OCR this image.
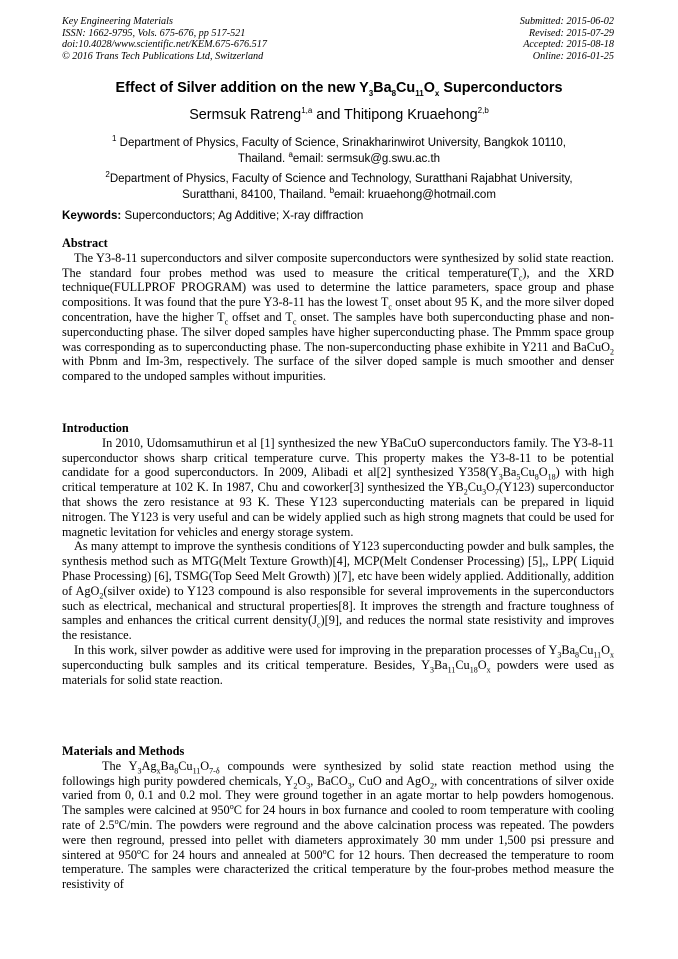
Key Engineering Materials
ISSN: 1662-9795, Vols. 675-676, pp 517-521
doi:10.4028/www.scientific.net/KEM.675-676.517
© 2016 Trans Tech Publications Ltd, Switzerland
Submitted: 2015-06-02
Revised: 2015-07-29
Accepted: 2015-08-18
Online: 2016-01-25
Effect of Silver addition on the new $Y_3Ba_8Cu_{11}O_x$ Superconductors
Sermsuk Ratreng$^{1,a}$ and Thitipong Kruaehong$^{2,b}$
$^1$ Department of Physics, Faculty of Science, Srinakharinwirot University, Bangkok 10110,
Thailand. $^a$email: sermsuk@g.swu.ac.th
$^2$Department of Physics, Faculty of Science and Technology, Suratthani Rajabhat University,
Suratthani, 84100, Thailand. $^b$email: kruaehong@hotmail.com
Keywords: Superconductors; Ag Additive; X-ray diffraction
Abstract

The Y3-8-11 superconductors and silver composite superconductors were synthesized by solid state reaction. The standard four probes method was used to measure the critical $temperature(T_c)$, and the XRD technique(FULLPROF PROGRAM) was used to determine the lattice parameters, space group and phase compositions. It was found that the pure Y3-8-11 has the lowest $T_c$ onset about 95 K, and the more silver doped concentration, have the higher $T_c$ offset and $T_c$ onset. The samples have both superconducting phase and non-superconducting phase. The silver doped samples have higher superconducting phase. The Pmmm space group was corresponding as to superconducting phase. The non-superconducting phase exhibite in Y211 and BaCuO$_2$ with Pbnm and Im-3m, respectively. The surface of the silver doped sample is much smoother and denser compared to the undoped samples without impurities.

Introduction

In 2010, Udomsamuthirun et al [1] synthesized the new YBaCuO superconductors family. The Y3-8-11 superconductor shows sharp critical temperature curve. This property makes the Y3-8-11 to be potential candidate for a good superconductors. In 2009, Alibadi et al[2] synthesized $Y358(Y_3Ba_5Cu_8O_{18})$ with high critical temperature at 102 K. In 1987, Chu and coworker[3] synthesized the $YB_2Cu_3O_7(Y123)$ superconductor that shows the zero resistance at 93 K. These Y123 superconducting materials can be prepared in liquid nitrogen. The Y123 is very useful and can be widely applied such as high strong magnets that could be used for magnetic levitation for vehicles and energy storage system.

As many attempt to improve the synthesis conditions of Y123 superconducting powder and bulk samples, the synthesis method such as MTG(Melt Texture Growth)[4], MCP(Melt Condenser Processing) [5],, LPP( Liquid Phase Processing) [6], TSMG(Top Seed Melt Growth) )[7], etc have been widely applied. Additionally, addition of AgO$_2$(silver oxide) to Y123 compound is also responsible for several improvements in the superconductors such as electrical, mechanical and structural properties[8]. It improves the strength and fracture toughness of samples and enhances the critical current $density(J_c)[9]$, and reduces the normal state resistivity and improves the resistance.

In this work, silver powder as additive were used for improving in the preparation processes of $Y_3Ba_8Cu_{11}O_x$ superconducting bulk samples and its critical temperature. Besides, $Y_3Ba_{11}Cu_{18}O_x$ powders were used as materials for solid state reaction.

Materials and Methods

The $Y_3Ag_xBa_8Cu_{11}O_{7-\delta}$ compounds were synthesized by solid state reaction method using the followings high purity powdered chemicals, $Y_2O_3$, BaCO$_3$, CuO and AgO$_2$, with concentrations of silver oxide varied from 0, 0.1 and 0.2 mol. They were ground together in an agate mortar to help powders homogenous. The samples were calcined at 950$^o$C for 24 hours in box furnance and cooled to room temperature with cooling rate of 2.5$^o$C/min. The powders were reground and the above calcination process was repeated. The powders were then reground, pressed into pellet with diameters approximately 30 mm under 1,500 psi pressure and sintered at 950$^o$C for 24 hours and annealed at 500$^o$C for 12 hours. Then decreased the temperature to room temperature. The samples were characterized the critical temperature by the four-probes method measure the resistivity of
